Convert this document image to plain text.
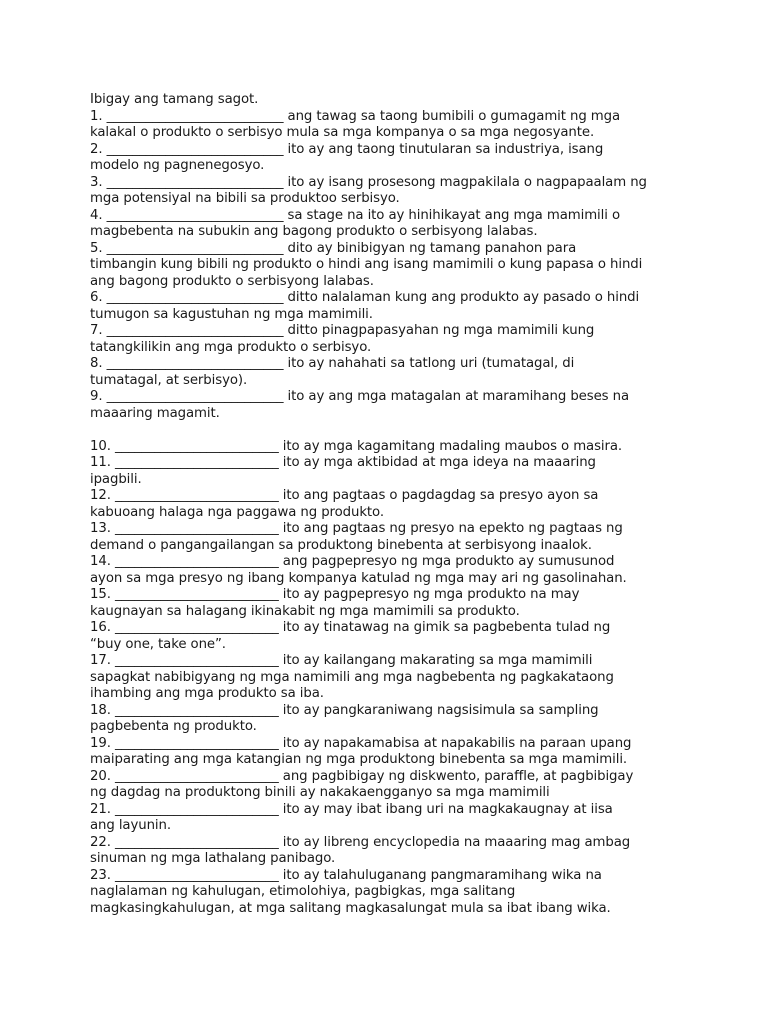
Ibigay ang tamang sagot.

1. ___________________________ ang tawag sa taong bumibili o gumagamit ng mga

kalakal o produkto o serbisyo mula sa mga kompanya o sa mga negosyante.

2. ___________________________ ito ay ang taong tinutularan sa industriya, isang

modelo ng pagnenegosyo.

3. ___________________________ ito ay isang prosesong magpakilala o nagpapaalam ng

mga potensiyal na bibili sa produktoo serbisyo.

4. ___________________________ sa stage na ito ay hinihikayat ang mga mamimili o

magbebenta na subukin ang bagong produkto o serbisyong lalabas.

5. ___________________________ dito ay binibigyan ng tamang panahon para

timbangin kung bibili ng produkto o hindi ang isang mamimili o kung papasa o hindi

ang bagong produkto o serbisyong lalabas.

6. ___________________________ ditto nalalaman kung ang produkto ay pasado o hindi

tumugon sa kagustuhan ng mga mamimili.

7. ___________________________ ditto pinagpapasyahan ng mga mamimili kung

tatangkilikin ang mga produkto o serbisyo.

8. ___________________________ ito ay nahahati sa tatlong uri (tumatagal, di

tumatagal, at serbisyo).

9. ___________________________ ito ay ang mga matagalan at maramihang beses na

maaaring magamit.

10. _________________________ ito ay mga kagamitang madaling maubos o masira.

11. _________________________ ito ay mga aktibidad at mga ideya na maaaring

ipagbili.

12. _________________________ ito ang pagtaas o pagdagdag sa presyo ayon sa

kabuoang halaga nga paggawa ng produkto.

13. _________________________ ito ang pagtaas ng presyo na epekto ng pagtaas ng

demand o pangangailangan sa produktong binebenta at serbisyong inaalok.

14. _________________________ ang pagpepresyo ng mga produkto ay sumusunod

ayon sa mga presyo ng ibang kompanya katulad ng mga may ari ng gasolinahan.

15. _________________________ ito ay pagpepresyo ng mga produkto na may

kaugnayan sa halagang ikinakabit ng mga mamimili sa produkto.

16. _________________________ ito ay tinatawag na gimik sa pagbebenta tulad ng

“buy one, take one”.

17. _________________________ ito ay kailangang makarating sa mga mamimili

sapagkat nabibigyang ng mga namimili ang mga nagbebenta ng pagkakataong

ihambing ang mga produkto sa iba.

18. _________________________ ito ay pangkaraniwang nagsisimula sa sampling

pagbebenta ng produkto.

19. _________________________ ito ay napakamabisa at napakabilis na paraan upang

maiparating ang mga katangian ng mga produktong binebenta sa mga mamimili.

20. _________________________ ang pagbibigay ng diskwento, paraffle, at pagbibigay

ng dagdag na produktong binili ay nakakaengganyo sa mga mamimili

21. _________________________ ito ay may ibat ibang uri na magkakaugnay at iisa

ang layunin.

22. _________________________ ito ay libreng encyclopedia na maaaring mag ambag

sinuman ng mga lathalang panibago.

23. _________________________ ito ay talahuluganang pangmaramihang wika na

naglalaman ng kahulugan, etimolohiya, pagbigkas, mga salitang

magkasingkahulugan, at mga salitang magkasalungat mula sa ibat ibang wika.
